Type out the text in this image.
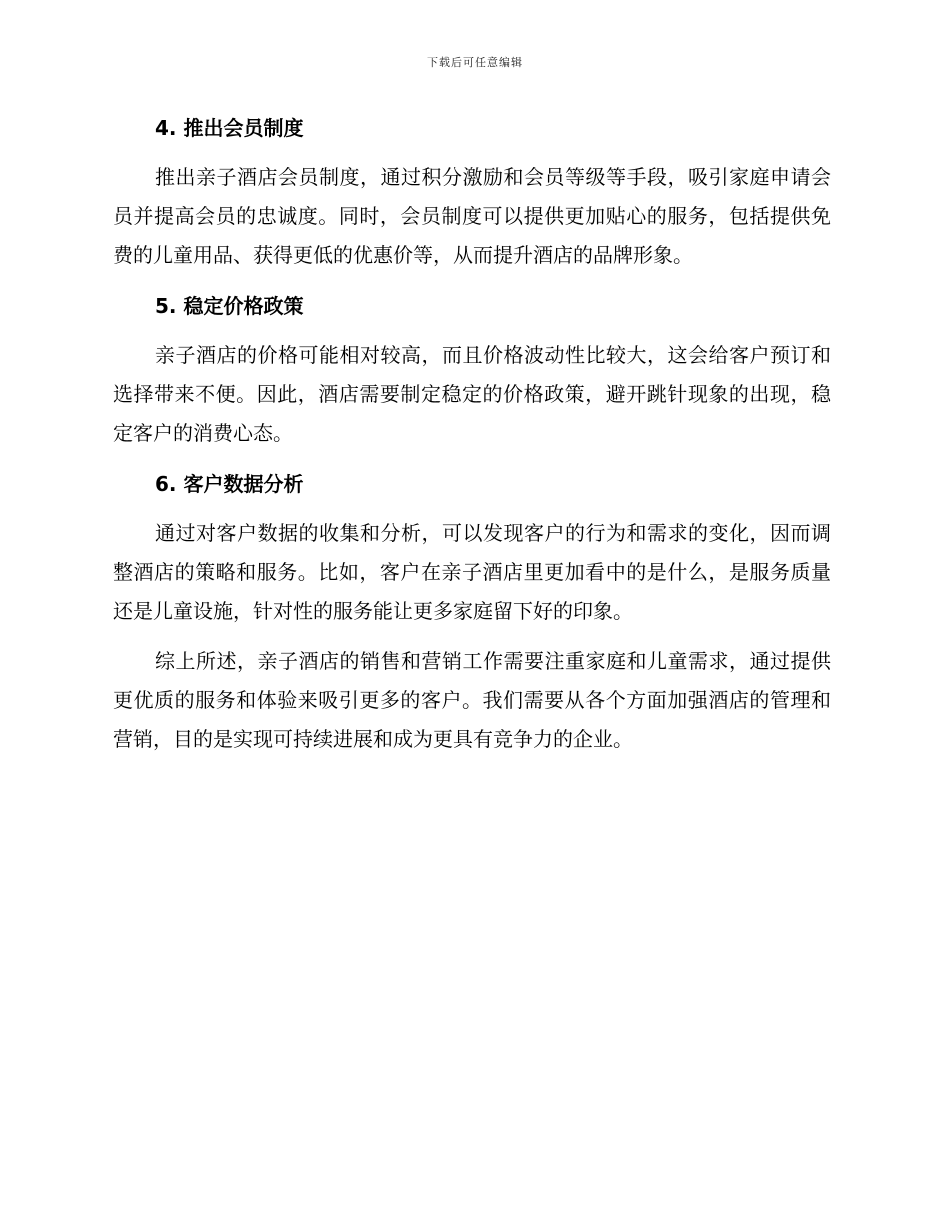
下载后可任意编辑
4. 推出会员制度

推出亲子酒店会员制度，通过积分激励和会员等级等手段，吸引家庭申请会员并提高会员的忠诚度。同时，会员制度可以提供更加贴心的服务，包括提供免费的儿童用品、获得更低的优惠价等，从而提升酒店的品牌形象。

5. 稳定价格政策

亲子酒店的价格可能相对较高，而且价格波动性比较大，这会给客户预订和选择带来不便。因此，酒店需要制定稳定的价格政策，避开跳针现象的出现，稳定客户的消费心态。

6. 客户数据分析

通过对客户数据的收集和分析，可以发现客户的行为和需求的变化，因而调整酒店的策略和服务。比如，客户在亲子酒店里更加看中的是什么，是服务质量还是儿童设施，针对性的服务能让更多家庭留下好的印象。

综上所述，亲子酒店的销售和营销工作需要注重家庭和儿童需求，通过提供更优质的服务和体验来吸引更多的客户。我们需要从各个方面加强酒店的管理和营销，目的是实现可持续进展和成为更具有竞争力的企业。
